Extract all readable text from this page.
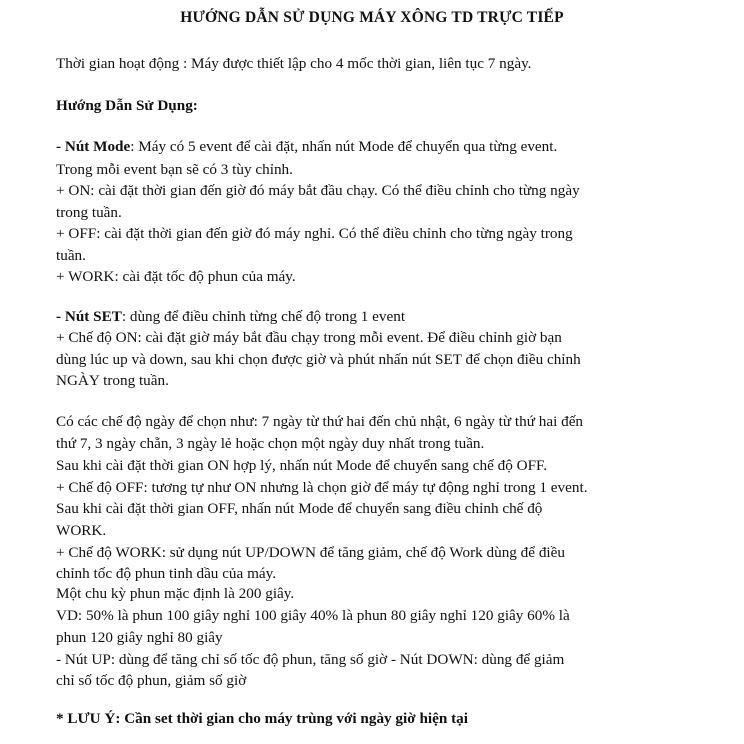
HƯỚNG DẪN SỬ DỤNG MÁY XÔNG TD TRỰC TIẾP
Thời gian hoạt động : Máy được thiết lập cho 4 mốc thời gian, liên tục 7 ngày.
Hướng Dẫn Sử Dụng:
- Nút Mode: Máy có 5 event để cài đặt, nhấn nút Mode để chuyển qua từng event.
Trong mỗi event bạn sẽ có 3 tùy chỉnh.
+ ON: cài đặt thời gian đến giờ đó máy bắt đầu chạy. Có thể điều chỉnh cho từng ngày
trong tuần.
+ OFF: cài đặt thời gian đến giờ đó máy nghỉ. Có thể điều chỉnh cho từng ngày trong
tuần.
+ WORK: cài đặt tốc độ phun của máy.
- Nút SET: dùng để điều chỉnh từng chế độ trong 1 event
+ Chế độ ON: cài đặt giờ máy bắt đầu chạy trong mỗi event. Để điều chỉnh giờ bạn
dùng lúc up và down, sau khi chọn được giờ và phút nhấn nút SET để chọn điều chỉnh
NGÀY trong tuần.
Có các chế độ ngày để chọn như: 7 ngày từ thứ hai đến chủ nhật, 6 ngày từ thứ hai đến
thứ 7, 3 ngày chẵn, 3 ngày lẻ hoặc chọn một ngày duy nhất trong tuần.
Sau khi cài đặt thời gian ON hợp lý, nhấn nút Mode để chuyển sang chế độ OFF.
+ Chế độ OFF: tương tự như ON nhưng là chọn giờ để máy tự động nghỉ trong 1 event.
Sau khi cài đặt thời gian OFF, nhấn nút Mode để chuyển sang điều chỉnh chế độ
WORK.
+ Chế độ WORK: sử dụng nút UP/DOWN để tăng giảm, chế độ Work dùng để điều
chỉnh tốc độ phun tinh dầu của máy.
Một chu kỳ phun mặc định là 200 giây.
VD: 50% là phun 100 giây nghỉ 100 giây 40% là phun 80 giây nghỉ 120 giây 60% là
phun 120 giây nghỉ 80 giây
- Nút UP: dùng để tăng chỉ số tốc độ phun, tăng số giờ - Nút DOWN: dùng để giảm
chỉ số tốc độ phun, giảm số giờ
* LƯU Ý: Cần set thời gian cho máy trùng với ngày giờ hiện tại
